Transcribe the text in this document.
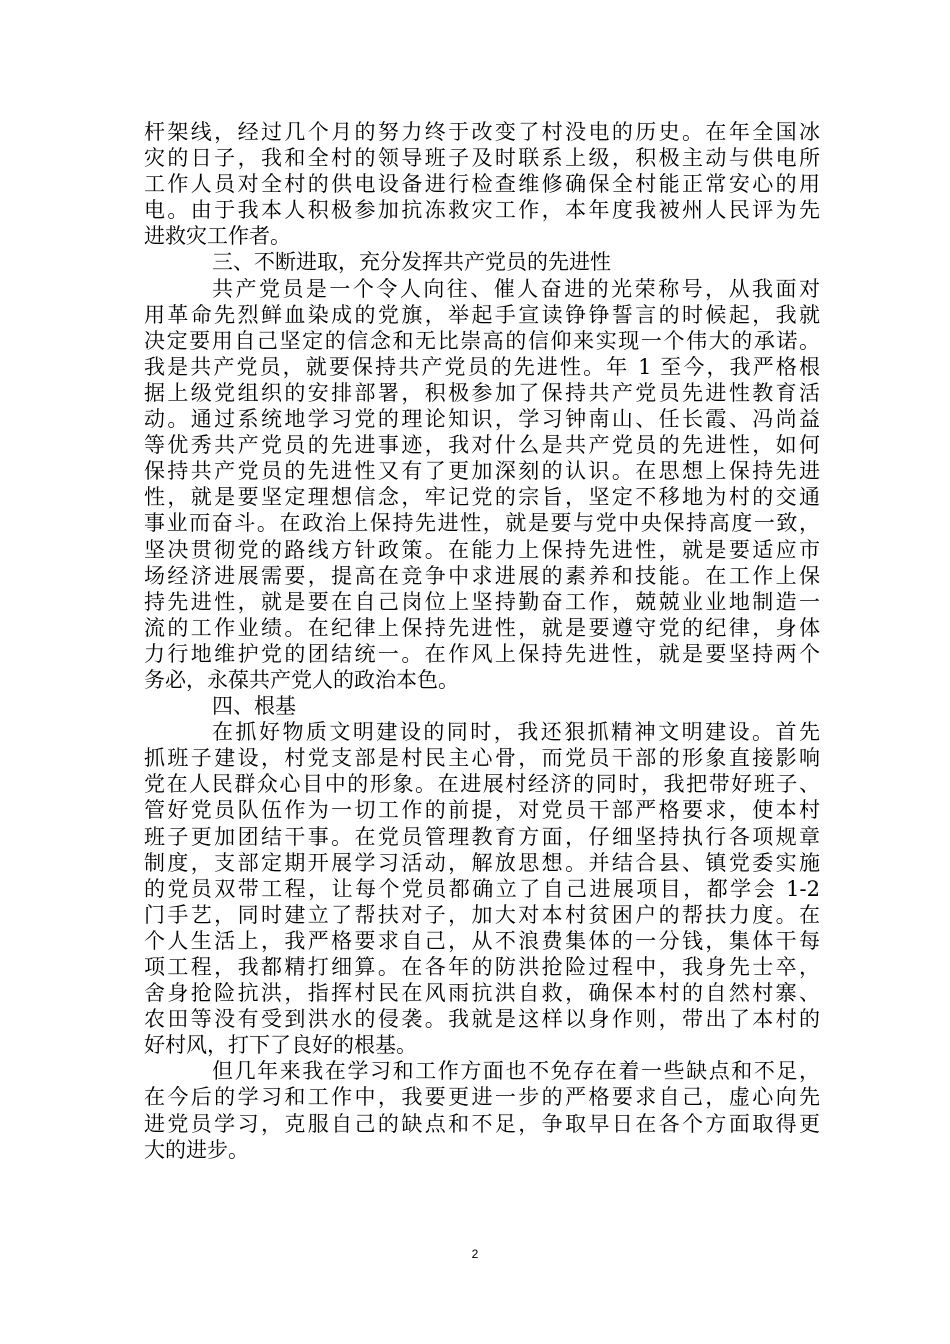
杆架线，经过几个月的努力终于改变了村没电的历史。在年全国冰
灾的日子，我和全村的领导班子及时联系上级，积极主动与供电所
工作人员对全村的供电设备进行检查维修确保全村能正常安心的用
电。由于我本人积极参加抗冻救灾工作，本年度我被州人民评为先
进救灾工作者。
三、不断进取，充分发挥共产党员的先进性
共产党员是一个令人向往、催人奋进的光荣称号，从我面对
用革命先烈鲜血染成的党旗，举起手宣读铮铮誓言的时候起，我就
决定要用自己坚定的信念和无比崇高的信仰来实现一个伟大的承诺。
我是共产党员，就要保持共产党员的先进性。年 1 至今，我严格根
据上级党组织的安排部署，积极参加了保持共产党员先进性教育活
动。通过系统地学习党的理论知识，学习钟南山、任长霞、冯尚益
等优秀共产党员的先进事迹，我对什么是共产党员的先进性，如何
保持共产党员的先进性又有了更加深刻的认识。在思想上保持先进
性，就是要坚定理想信念，牢记党的宗旨，坚定不移地为村的交通
事业而奋斗。在政治上保持先进性，就是要与党中央保持高度一致，
坚决贯彻党的路线方针政策。在能力上保持先进性，就是要适应市
场经济进展需要，提高在竞争中求进展的素养和技能。在工作上保
持先进性，就是要在自己岗位上坚持勤奋工作，兢兢业业地制造一
流的工作业绩。在纪律上保持先进性，就是要遵守党的纪律，身体
力行地维护党的团结统一。在作风上保持先进性，就是要坚持两个
务必，永葆共产党人的政治本色。
四、根基
在抓好物质文明建设的同时，我还狠抓精神文明建设。首先
抓班子建设，村党支部是村民主心骨，而党员干部的形象直接影响
党在人民群众心目中的形象。在进展村经济的同时，我把带好班子、
管好党员队伍作为一切工作的前提，对党员干部严格要求，使本村
班子更加团结干事。在党员管理教育方面，仔细坚持执行各项规章
制度，支部定期开展学习活动，解放思想。并结合县、镇党委实施
的党员双带工程，让每个党员都确立了自己进展项目，都学会 1-2
门手艺，同时建立了帮扶对子，加大对本村贫困户的帮扶力度。在
个人生活上，我严格要求自己，从不浪费集体的一分钱，集体干每
项工程，我都精打细算。在各年的防洪抢险过程中，我身先士卒，
舍身抢险抗洪，指挥村民在风雨抗洪自救，确保本村的自然村寨、
农田等没有受到洪水的侵袭。我就是这样以身作则，带出了本村的
好村风，打下了良好的根基。
但几年来我在学习和工作方面也不免存在着一些缺点和不足，
在今后的学习和工作中，我要更进一步的严格要求自己，虚心向先
进党员学习，克服自己的缺点和不足，争取早日在各个方面取得更
大的进步。
2
